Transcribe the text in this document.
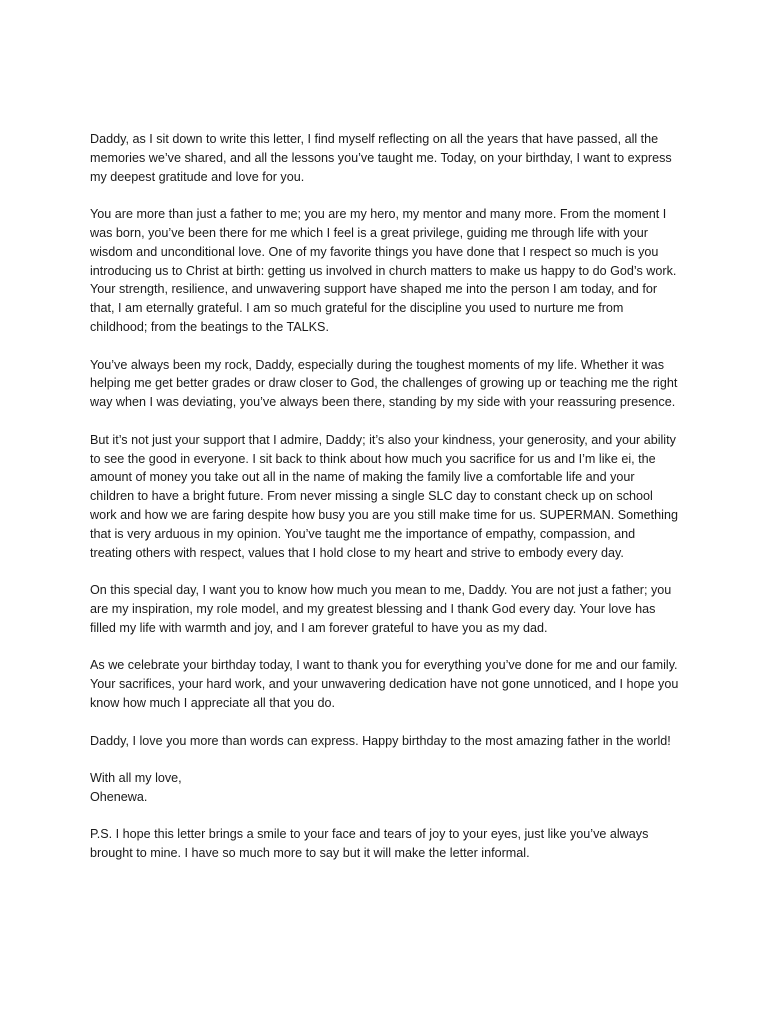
Daddy, as I sit down to write this letter, I find myself reflecting on all the years that have passed, all the memories we’ve shared, and all the lessons you’ve taught me. Today, on your birthday, I want to express my deepest gratitude and love for you.

You are more than just a father to me; you are my hero, my mentor and many more. From the moment I was born, you’ve been there for me which I feel is a great privilege, guiding me through life with your wisdom and unconditional love. One of my favorite things you have done that I respect so much is you introducing us to Christ at birth: getting us involved in church matters to make us happy to do God’s work. Your strength, resilience, and unwavering support have shaped me into the person I am today, and for that, I am eternally grateful. I am so much grateful for the discipline you used to nurture me from childhood; from the beatings to the TALKS.

You’ve always been my rock, Daddy, especially during the toughest moments of my life. Whether it was helping me get better grades or draw closer to God, the challenges of growing up or teaching me the right way when I was deviating, you’ve always been there, standing by my side with your reassuring presence.

But it’s not just your support that I admire, Daddy; it’s also your kindness, your generosity, and your ability to see the good in everyone. I sit back to think about how much you sacrifice for us and I’m like ei, the amount of money you take out all in the name of making the family live a comfortable life and your children to have a bright future. From never missing a single SLC day to constant check up on school work and how we are faring despite how busy you are you still make time for us. SUPERMAN. Something that is very arduous in my opinion. You’ve taught me the importance of empathy, compassion, and treating others with respect, values that I hold close to my heart and strive to embody every day.

On this special day, I want you to know how much you mean to me, Daddy. You are not just a father; you are my inspiration, my role model, and my greatest blessing and I thank God every day. Your love has filled my life with warmth and joy, and I am forever grateful to have you as my dad.

As we celebrate your birthday today, I want to thank you for everything you’ve done for me and our family. Your sacrifices, your hard work, and your unwavering dedication have not gone unnoticed, and I hope you know how much I appreciate all that you do.

Daddy, I love you more than words can express. Happy birthday to the most amazing father in the world!

With all my love,
Ohenewa.

P.S. I hope this letter brings a smile to your face and tears of joy to your eyes, just like you’ve always brought to mine. I have so much more to say but it will make the letter informal.
